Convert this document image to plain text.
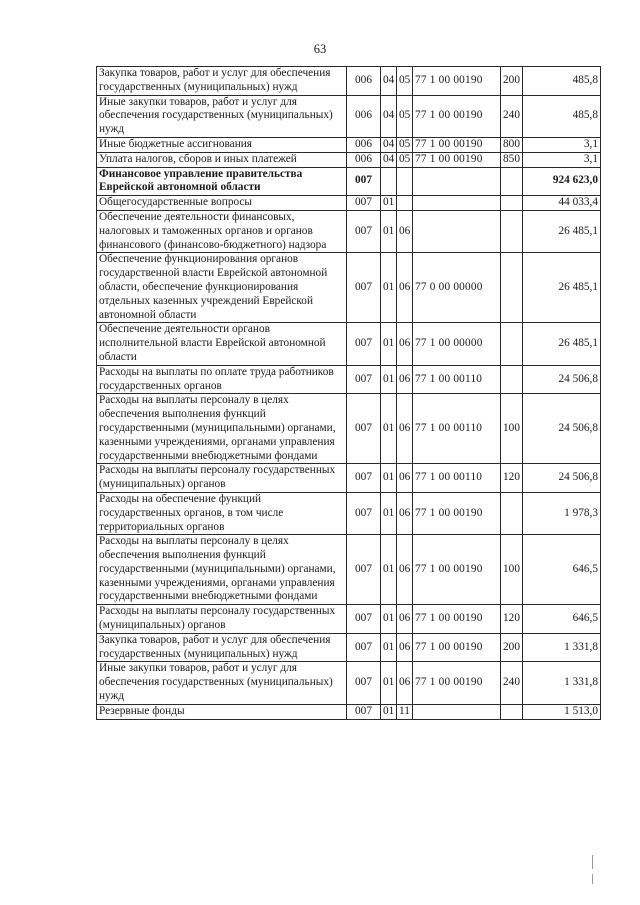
63
Закупка товаров, работ и услуг для обеспечения государственных (муниципальных) нужд	006	04	05	77 1 00 00190	200	485,8
Иные закупки товаров, работ и услуг для обеспечения государственных (муниципальных) нужд	006	04	05	77 1 00 00190	240	485,8
Иные бюджетные ассигнования	006	04	05	77 1 00 00190	800	3,1
Уплата налогов, сборов и иных платежей	006	04	05	77 1 00 00190	850	3,1
Финансовое управление правительства Еврейской автономной области	007					924 623,0
Общегосударственные вопросы	007	01				44 033,4
Обеспечение деятельности финансовых, налоговых и таможенных органов и органов финансового (финансово-бюджетного) надзора	007	01	06			26 485,1
Обеспечение функционирования органов государственной власти Еврейской автономной области, обеспечение функционирования отдельных казенных учреждений Еврейской автономной области	007	01	06	77 0 00 00000		26 485,1
Обеспечение деятельности органов исполнительной власти Еврейской автономной области	007	01	06	77 1 00 00000		26 485,1
Расходы на выплаты по оплате труда работников государственных органов	007	01	06	77 1 00 00110		24 506,8
Расходы на выплаты персоналу в целях обеспечения выполнения функций государственными (муниципальными) органами, казенными учреждениями, органами управления государственными внебюджетными фондами	007	01	06	77 1 00 00110	100	24 506,8
Расходы на выплаты персоналу государственных (муниципальных) органов	007	01	06	77 1 00 00110	120	24 506,8
Расходы на обеспечение функций государственных органов, в том числе территориальных органов	007	01	06	77 1 00 00190		1 978,3
Расходы на выплаты персоналу в целях обеспечения выполнения функций государственными (муниципальными) органами, казенными учреждениями, органами управления государственными внебюджетными фондами	007	01	06	77 1 00 00190	100	646,5
Расходы на выплаты персоналу государственных (муниципальных) органов	007	01	06	77 1 00 00190	120	646,5
Закупка товаров, работ и услуг для обеспечения государственных (муниципальных) нужд	007	01	06	77 1 00 00190	200	1 331,8
Иные закупки товаров, работ и услуг для обеспечения государственных (муниципальных) нужд	007	01	06	77 1 00 00190	240	1 331,8
Резервные фонды	007	01	11			1 513,0
